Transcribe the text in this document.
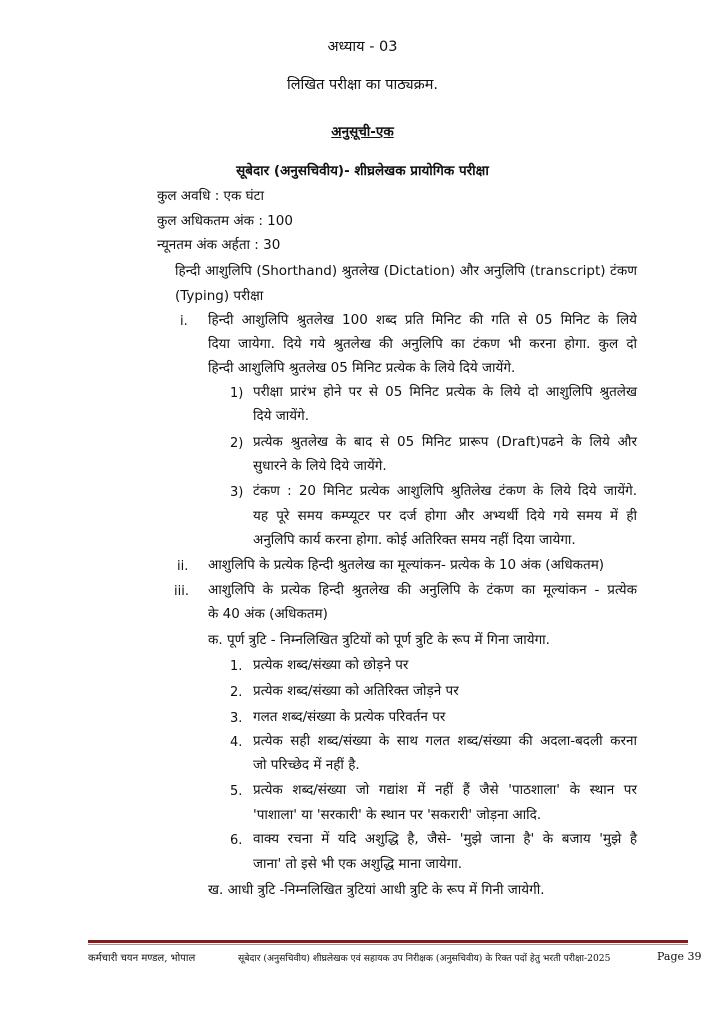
अध्याय - 03
लिखित परीक्षा का पाठ्यक्रम.
अनुसूची-एक
सूबेदार (अनुसचिवीय)- शीघ्रलेखक प्रायोगिक परीक्षा
कुल अवधि : एक घंटा
कुल अधिकतम अंक : 100
न्यूनतम अंक अर्हता : 30
हिन्दी आशुलिपि (Shorthand) श्रुतलेख (Dictation) और अनुलिपि (transcript) टंकण
(Typing) परीक्षा
i. हिन्दी आशुलिपि श्रुतलेख 100 शब्द प्रति मिनिट की गति से 05 मिनिट के लिये
दिया जायेगा. दिये गये श्रुतलेख की अनुलिपि का टंकण भी करना होगा. कुल दो
हिन्दी आशुलिपि श्रुतलेख 05 मिनिट प्रत्येक के लिये दिये जायेंगे.
1) परीक्षा प्रारंभ होने पर से 05 मिनिट प्रत्येक के लिये दो आशुलिपि श्रुतलेख
दिये जायेंगे.
2) प्रत्येक श्रुतलेख के बाद से 05 मिनिट प्रारूप (Draft)पढने के लिये और
सुधारने के लिये दिये जायेंगे.
3) टंकण : 20 मिनिट प्रत्येक आशुलिपि श्रुतिलेख टंकण के लिये दिये जायेंगे.
यह पूरे समय कम्प्यूटर पर दर्ज होगा और अभ्यर्थी दिये गये समय में ही
अनुलिपि कार्य करना होगा. कोई अतिरिक्त समय नहीं दिया जायेगा.
ii. आशुलिपि के प्रत्येक हिन्दी श्रुतलेख का मूल्यांकन- प्रत्येक के 10 अंक (अधिकतम)
iii. आशुलिपि के प्रत्येक हिन्दी श्रुतलेख की अनुलिपि के टंकण का मूल्यांकन - प्रत्येक
के 40 अंक (अधिकतम)
क. पूर्ण त्रुटि - निम्नलिखित त्रुटियों को पूर्ण त्रुटि के रूप में गिना जायेगा.
1. प्रत्येक शब्द/संख्या को छोड़ने पर
2. प्रत्येक शब्द/संख्या को अतिरिक्त जोड़ने पर
3. गलत शब्द/संख्या के प्रत्येक परिवर्तन पर
4. प्रत्येक सही शब्द/संख्या के साथ गलत शब्द/संख्या की अदला-बदली करना
जो परिच्छेद में नहीं है.
5. प्रत्येक शब्द/संख्या जो गद्यांश में नहीं हैं जैसे 'पाठशाला' के स्थान पर
'पाशाला' या 'सरकारी' के स्थान पर 'सकरारी' जोड़ना आदि.
6. वाक्य रचना में यदि अशुद्धि है, जैसे- 'मुझे जाना है' के बजाय 'मुझे है
जाना' तो इसे भी एक अशुद्धि माना जायेगा.
ख. आधी त्रुटि -निम्नलिखित त्रुटियां आधी त्रुटि के रूप में गिनी जायेगी.
कर्मचारी चयन मण्डल, भोपाल	सूबेदार (अनुसचिवीय) शीघ्रलेखक एवं सहायक उप निरीक्षक (अनुसचिवीय) के रिक्त पदों हेतु भरती परीक्षा-2025	Page 39
